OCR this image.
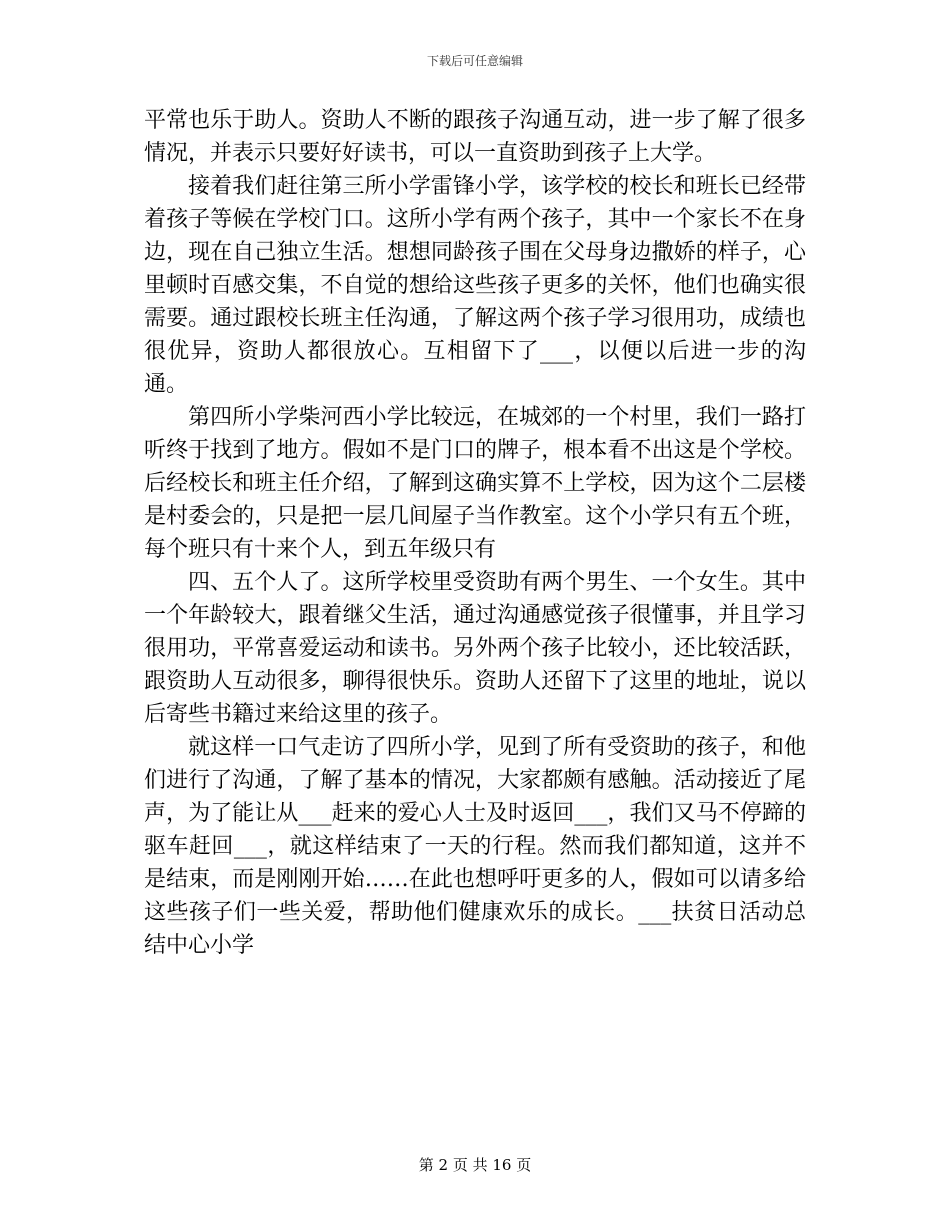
下载后可任意编辑

平常也乐于助人。资助人不断的跟孩子沟通互动，进一步了解了很多情况，并表示只要好好读书，可以一直资助到孩子上大学。

接着我们赶往第三所小学雷锋小学，该学校的校长和班长已经带着孩子等候在学校门口。这所小学有两个孩子，其中一个家长不在身边，现在自己独立生活。想想同龄孩子围在父母身边撒娇的样子，心里顿时百感交集，不自觉的想给这些孩子更多的关怀，他们也确实很需要。通过跟校长班主任沟通，了解这两个孩子学习很用功，成绩也很优异，资助人都很放心。互相留下了___，以便以后进一步的沟通。

第四所小学柴河西小学比较远，在城郊的一个村里，我们一路打听终于找到了地方。假如不是门口的牌子，根本看不出这是个学校。后经校长和班主任介绍，了解到这确实算不上学校，因为这个二层楼是村委会的，只是把一层几间屋子当作教室。这个小学只有五个班，每个班只有十来个人，到五年级只有

四、五个人了。这所学校里受资助有两个男生、一个女生。其中一个年龄较大，跟着继父生活，通过沟通感觉孩子很懂事，并且学习很用功，平常喜爱运动和读书。另外两个孩子比较小，还比较活跃，跟资助人互动很多，聊得很快乐。资助人还留下了这里的地址，说以后寄些书籍过来给这里的孩子。

就这样一口气走访了四所小学，见到了所有受资助的孩子，和他们进行了沟通，了解了基本的情况，大家都颇有感触。活动接近了尾声，为了能让从___赶来的爱心人士及时返回___，我们又马不停蹄的驱车赶回___，就这样结束了一天的行程。然而我们都知道，这并不是结束，而是刚刚开始……在此也想呼吁更多的人，假如可以请多给这些孩子们一些关爱，帮助他们健康欢乐的成长。___扶贫日活动总结中心小学

第 2 页 共 16 页
